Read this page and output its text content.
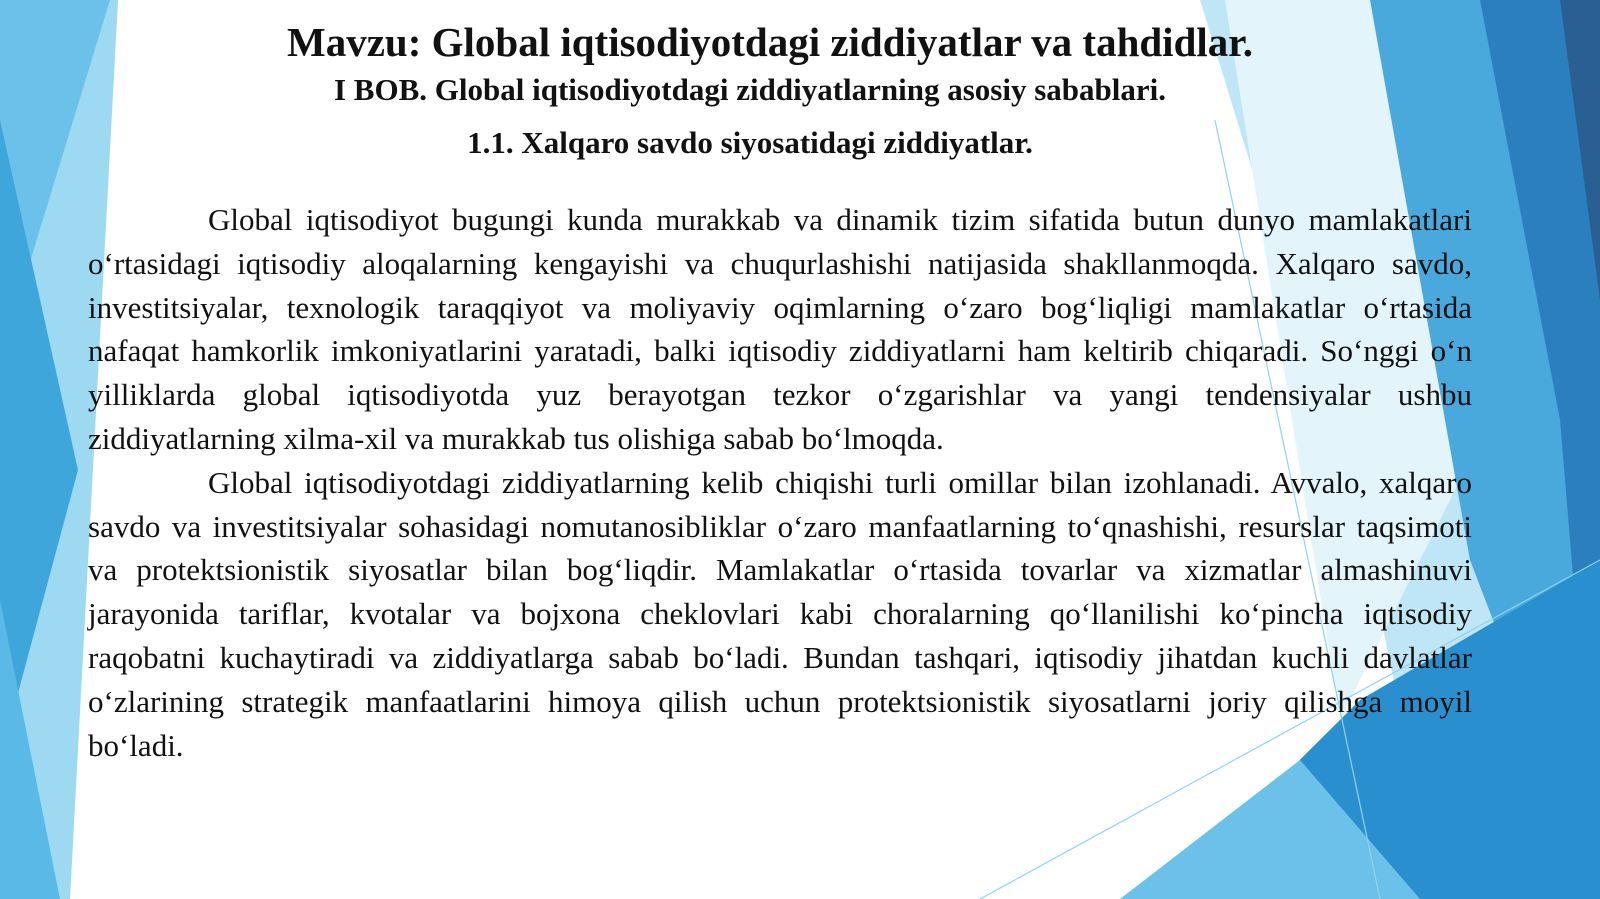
Mavzu: Global iqtisodiyotdagi ziddiyatlar va tahdidlar.
I BOB. Global iqtisodiyotdagi ziddiyatlarning asosiy sabablari.
1.1. Xalqaro savdo siyosatidagi ziddiyatlar.

Global iqtisodiyot bugungi kunda murakkab va dinamik tizim sifatida butun dunyo mamlakatlari o‘rtasidagi iqtisodiy aloqalarning kengayishi va chuqurlashishi natijasida shakllanmoqda. Xalqaro savdo, investitsiyalar, texnologik taraqqiyot va moliyaviy oqimlarning o‘zaro bog‘liqligi mamlakatlar o‘rtasida nafaqat hamkorlik imkoniyatlarini yaratadi, balki iqtisodiy ziddiyatlarni ham keltirib chiqaradi. So‘nggi o‘n yilliklarda global iqtisodiyotda yuz berayotgan tezkor o‘zgarishlar va yangi tendensiyalar ushbu ziddiyatlarning xilma-xil va murakkab tus olishiga sabab bo‘lmoqda.

Global iqtisodiyotdagi ziddiyatlarning kelib chiqishi turli omillar bilan izohlanadi. Avvalo, xalqaro savdo va investitsiyalar sohasidagi nomutanosibliklar o‘zaro manfaatlarning to‘qnashishi, resurslar taqsimoti va protektsionistik siyosatlar bilan bog‘liqdir. Mamlakatlar o‘rtasida tovarlar va xizmatlar almashinuvi jarayonida tariflar, kvotalar va bojxona cheklovlari kabi choralarning qo‘llanilishi ko‘pincha iqtisodiy raqobatni kuchaytiradi va ziddiyatlarga sabab bo‘ladi. Bundan tashqari, iqtisodiy jihatdan kuchli davlatlar o‘zlarining strategik manfaatlarini himoya qilish uchun protektsionistik siyosatlarni joriy qilishga moyil bo‘ladi.
